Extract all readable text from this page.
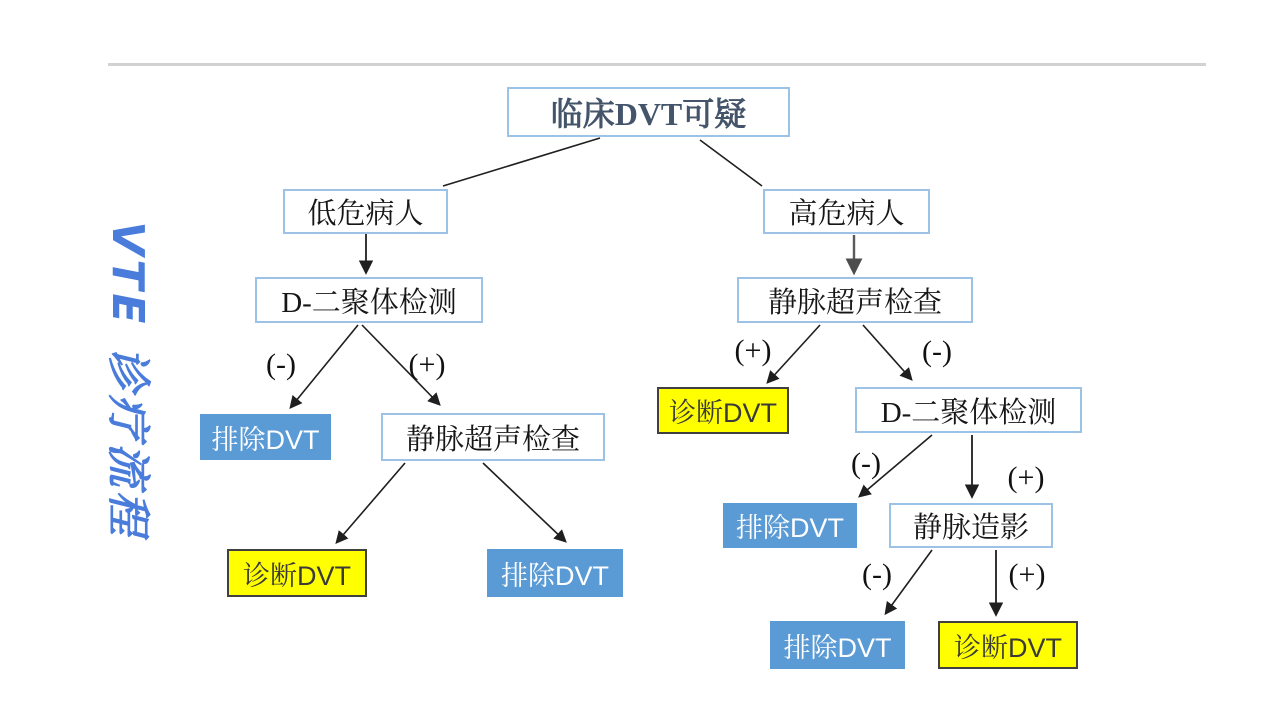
VTE 诊疗流程
临床DVT可疑
低危病人	高危病人
D-二聚体检测	静脉超声检查
排除DVT	静脉超声检查
诊断DVT	D-二聚体检测
排除DVT	静脉造影
诊断DVT	排除DVT
排除DVT	诊断DVT
(-)	(+)	(+)	(-)
(-)	(+)
(-)	(+)
